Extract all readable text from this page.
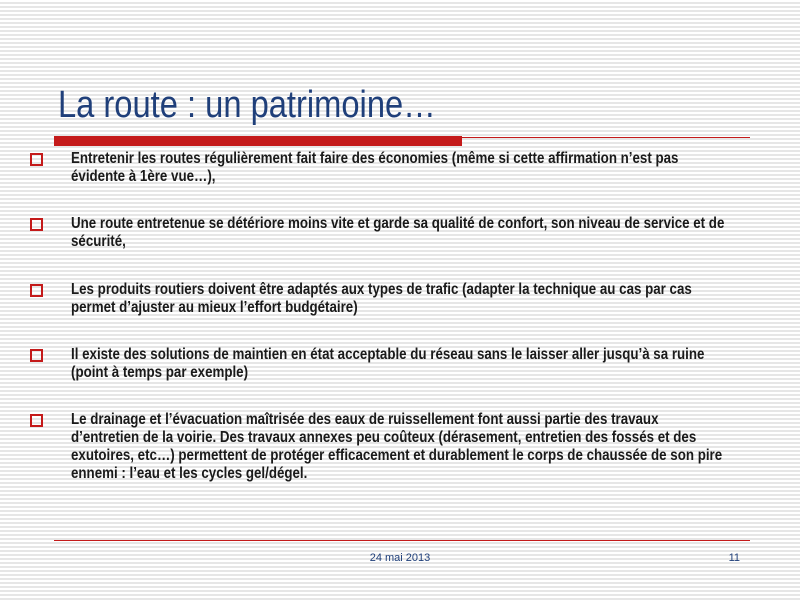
La route : un patrimoine…
Entretenir les routes régulièrement fait faire des économies (même si cette affirmation n’est pas évidente à 1ère vue…),
Une route entretenue se détériore moins vite et garde sa qualité de confort, son niveau de service et de sécurité,
Les produits routiers doivent être adaptés aux types de trafic (adapter la technique au cas par cas permet d’ajuster au mieux l’effort budgétaire)
Il existe des solutions de maintien en état acceptable du réseau sans le laisser aller jusqu’à sa ruine (point à temps par exemple)
Le drainage et l’évacuation maîtrisée des eaux de ruissellement font aussi partie des travaux d’entretien de la voirie. Des travaux annexes peu coûteux (dérasement, entretien des fossés et des exutoires, etc…) permettent de protéger efficacement et durablement le corps de chaussée de son pire ennemi : l’eau et les cycles gel/dégel.
24 mai 2013	11
